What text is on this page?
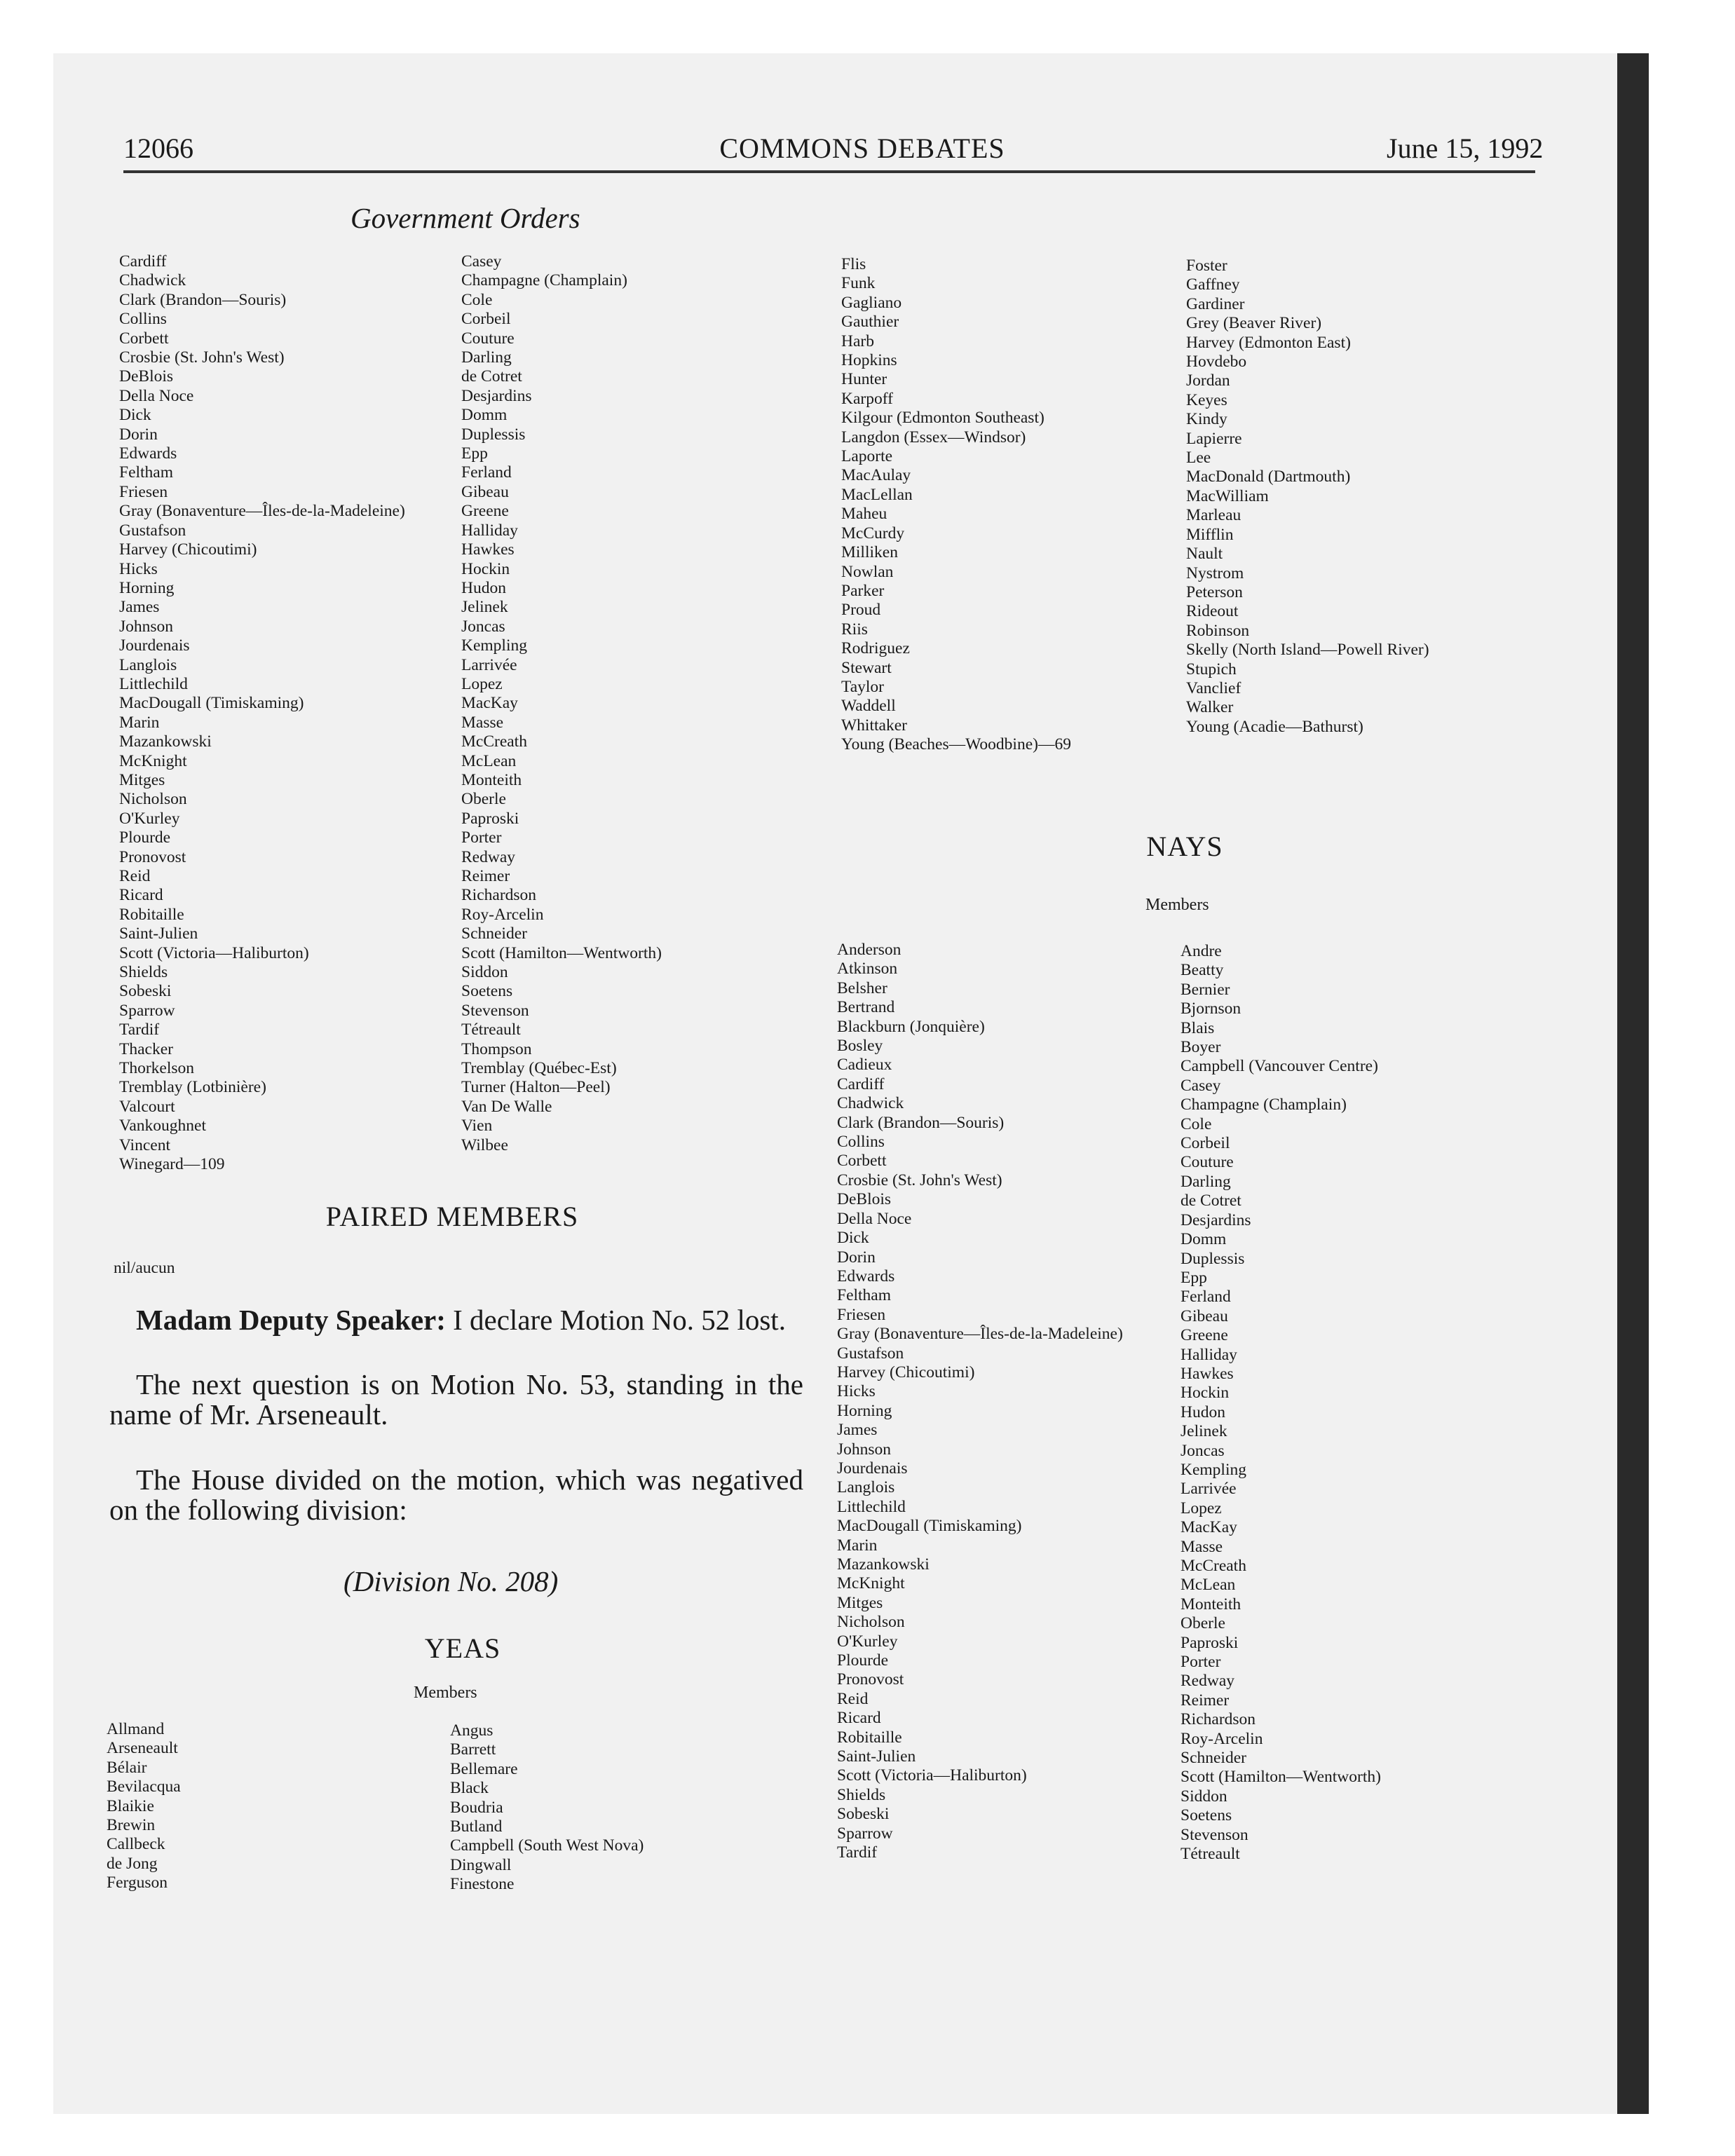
12066	COMMONS DEBATES	June 15, 1992
Government Orders
Cardiff
Chadwick
Clark (Brandon—Souris)
Collins
Corbett
Crosbie (St. John's West)
DeBlois
Della Noce
Dick
Dorin
Edwards
Feltham
Friesen
Gray (Bonaventure—Îles-de-la-Madeleine)
Gustafson
Harvey (Chicoutimi)
Hicks
Horning
James
Johnson
Jourdenais
Langlois
Littlechild
MacDougall (Timiskaming)
Marin
Mazankowski
McKnight
Mitges
Nicholson
O'Kurley
Plourde
Pronovost
Reid
Ricard
Robitaille
Saint-Julien
Scott (Victoria—Haliburton)
Shields
Sobeski
Sparrow
Tardif
Thacker
Thorkelson
Tremblay (Lotbinière)
Valcourt
Vankoughnet
Vincent
Winegard—109
Casey
Champagne (Champlain)
Cole
Corbeil
Couture
Darling
de Cotret
Desjardins
Domm
Duplessis
Epp
Ferland
Gibeau
Greene
Halliday
Hawkes
Hockin
Hudon
Jelinek
Joncas
Kempling
Larrivée
Lopez
MacKay
Masse
McCreath
McLean
Monteith
Oberle
Paproski
Porter
Redway
Reimer
Richardson
Roy-Arcelin
Schneider
Scott (Hamilton—Wentworth)
Siddon
Soetens
Stevenson
Tétreault
Thompson
Tremblay (Québec-Est)
Turner (Halton—Peel)
Van De Walle
Vien
Wilbee
PAIRED MEMBERS
nil/aucun
Madam Deputy Speaker: I declare Motion No. 52 lost.
The next question is on Motion No. 53, standing in the name of Mr. Arseneault.
The House divided on the motion, which was negatived on the following division:
(Division No. 208)
YEAS
Members
Allmand
Arseneault
Bélair
Bevilacqua
Blaikie
Brewin
Callbeck
de Jong
Ferguson
Angus
Barrett
Bellemare
Black
Boudria
Butland
Campbell (South West Nova)
Dingwall
Finestone
Flis
Funk
Gagliano
Gauthier
Harb
Hopkins
Hunter
Karpoff
Kilgour (Edmonton Southeast)
Langdon (Essex—Windsor)
Laporte
MacAulay
MacLellan
Maheu
McCurdy
Milliken
Nowlan
Parker
Proud
Riis
Rodriguez
Stewart
Taylor
Waddell
Whittaker
Young (Beaches—Woodbine)—69
Foster
Gaffney
Gardiner
Grey (Beaver River)
Harvey (Edmonton East)
Hovdebo
Jordan
Keyes
Kindy
Lapierre
Lee
MacDonald (Dartmouth)
MacWilliam
Marleau
Mifflin
Nault
Nystrom
Peterson
Rideout
Robinson
Skelly (North Island—Powell River)
Stupich
Vanclief
Walker
Young (Acadie—Bathurst)
NAYS
Members
Anderson
Atkinson
Belsher
Bertrand
Blackburn (Jonquière)
Bosley
Cadieux
Cardiff
Chadwick
Clark (Brandon—Souris)
Collins
Corbett
Crosbie (St. John's West)
DeBlois
Della Noce
Dick
Dorin
Edwards
Feltham
Friesen
Gray (Bonaventure—Îles-de-la-Madeleine)
Gustafson
Harvey (Chicoutimi)
Hicks
Horning
James
Johnson
Jourdenais
Langlois
Littlechild
MacDougall (Timiskaming)
Marin
Mazankowski
McKnight
Mitges
Nicholson
O'Kurley
Plourde
Pronovost
Reid
Ricard
Robitaille
Saint-Julien
Scott (Victoria—Haliburton)
Shields
Sobeski
Sparrow
Tardif
Andre
Beatty
Bernier
Bjornson
Blais
Boyer
Campbell (Vancouver Centre)
Casey
Champagne (Champlain)
Cole
Corbeil
Couture
Darling
de Cotret
Desjardins
Domm
Duplessis
Epp
Ferland
Gibeau
Greene
Halliday
Hawkes
Hockin
Hudon
Jelinek
Joncas
Kempling
Larrivée
Lopez
MacKay
Masse
McCreath
McLean
Monteith
Oberle
Paproski
Porter
Redway
Reimer
Richardson
Roy-Arcelin
Schneider
Scott (Hamilton—Wentworth)
Siddon
Soetens
Stevenson
Tétreault
